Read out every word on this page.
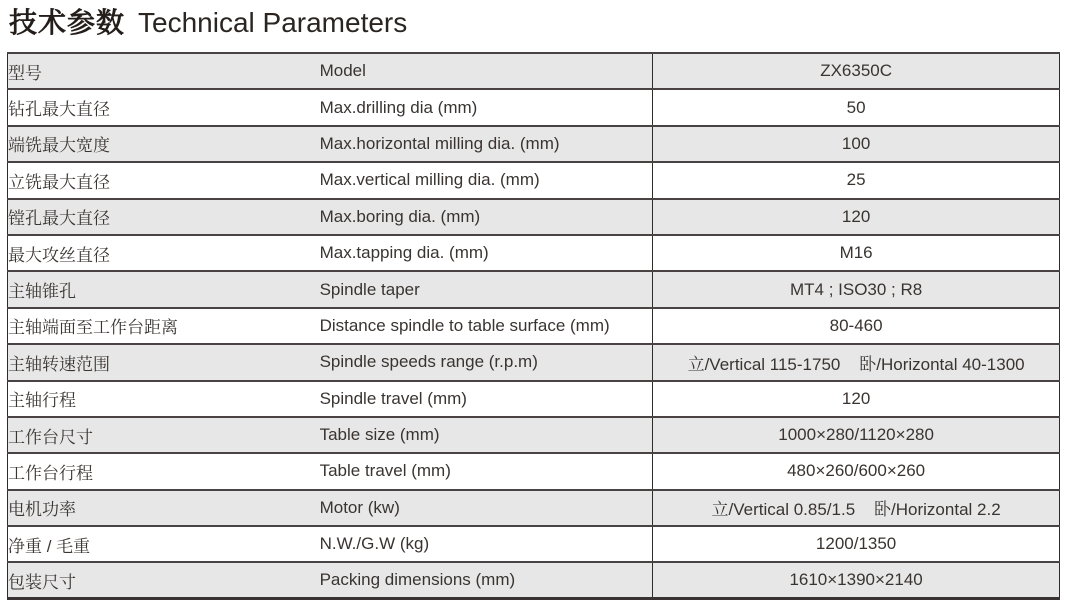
技术参数 Technical Parameters
型号	Model	ZX6350C
钻孔最大直径	Max.drilling dia (mm)	50
端铣最大宽度	Max.horizontal milling dia. (mm)	100
立铣最大直径	Max.vertical milling dia. (mm)	25
镗孔最大直径	Max.boring dia. (mm)	120
最大攻丝直径	Max.tapping dia. (mm)	M16
主轴锥孔	Spindle taper	MT4 ; ISO30 ; R8
主轴端面至工作台距离	Distance spindle to table surface (mm)	80-460
主轴转速范围	Spindle speeds range (r.p.m)	立/Vertical 115-1750    卧/Horizontal 40-1300
主轴行程	Spindle travel (mm)	120
工作台尺寸	Table size (mm)	1000×280/1120×280
工作台行程	Table travel (mm)	480×260/600×260
电机功率	Motor (kw)	立/Vertical 0.85/1.5    卧/Horizontal 2.2
净重 / 毛重	N.W./G.W (kg)	1200/1350
包装尺寸	Packing dimensions (mm)	1610×1390×2140
